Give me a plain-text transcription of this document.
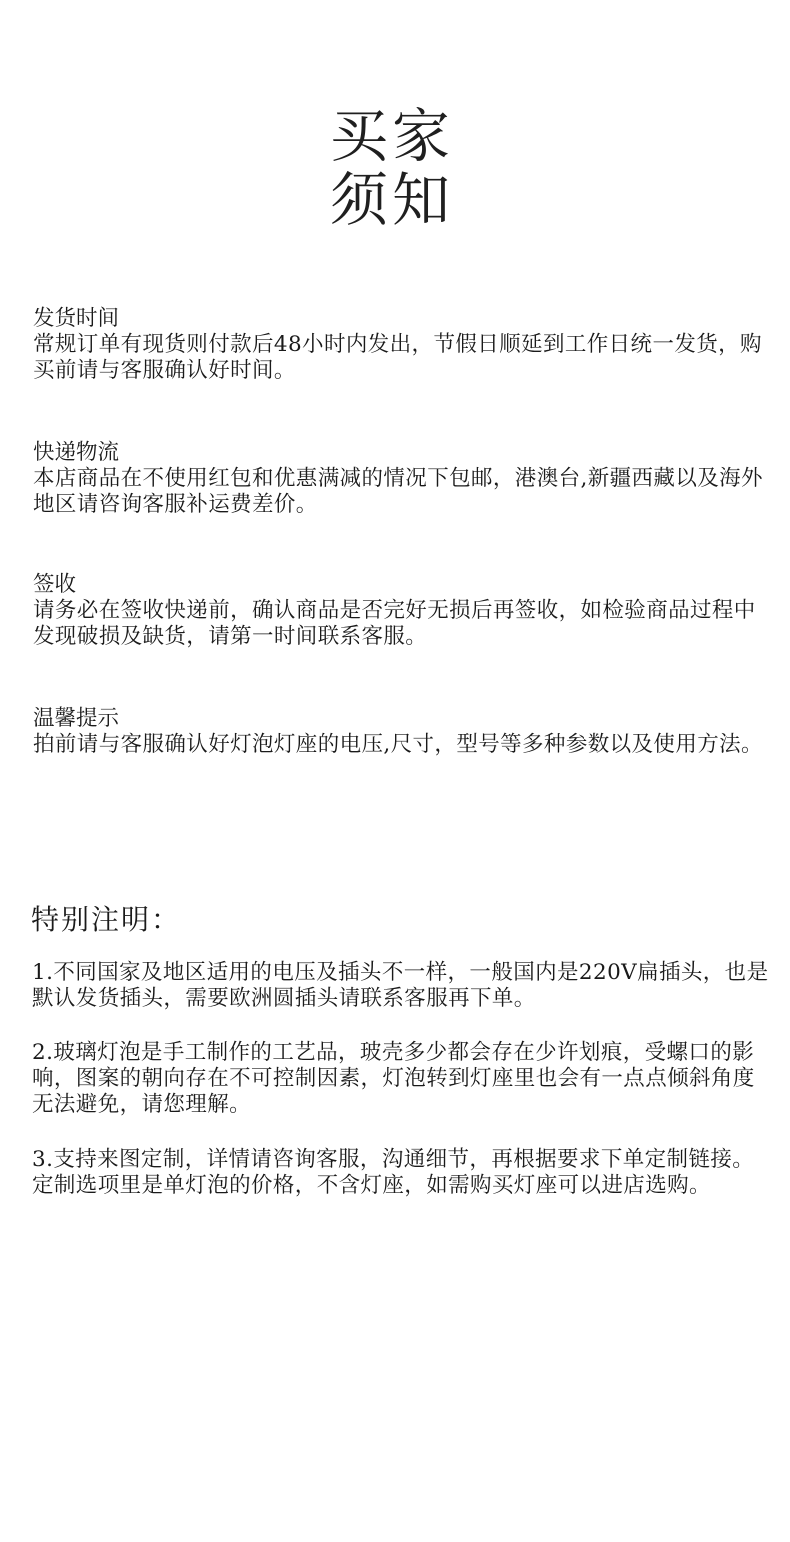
买家
须知
发货时间
常规订单有现货则付款后48小时内发出，节假日顺延到工作日统一发货，购买前请与客服确认好时间。
快递物流
本店商品在不使用红包和优惠满减的情况下包邮，港澳台,新疆西藏以及海外地区请咨询客服补运费差价。
签收
请务必在签收快递前，确认商品是否完好无损后再签收，如检验商品过程中发现破损及缺货，请第一时间联系客服。
温馨提示
拍前请与客服确认好灯泡灯座的电压,尺寸，型号等多种参数以及使用方法。
特别注明：
1.不同国家及地区适用的电压及插头不一样，一般国内是220V扁插头，也是默认发货插头，需要欧洲圆插头请联系客服再下单。
2.玻璃灯泡是手工制作的工艺品，玻壳多少都会存在少许划痕，受螺口的影响，图案的朝向存在不可控制因素，灯泡转到灯座里也会有一点点倾斜角度无法避免，请您理解。
3.支持来图定制，详情请咨询客服，沟通细节，再根据要求下单定制链接。定制选项里是单灯泡的价格，不含灯座，如需购买灯座可以进店选购。
